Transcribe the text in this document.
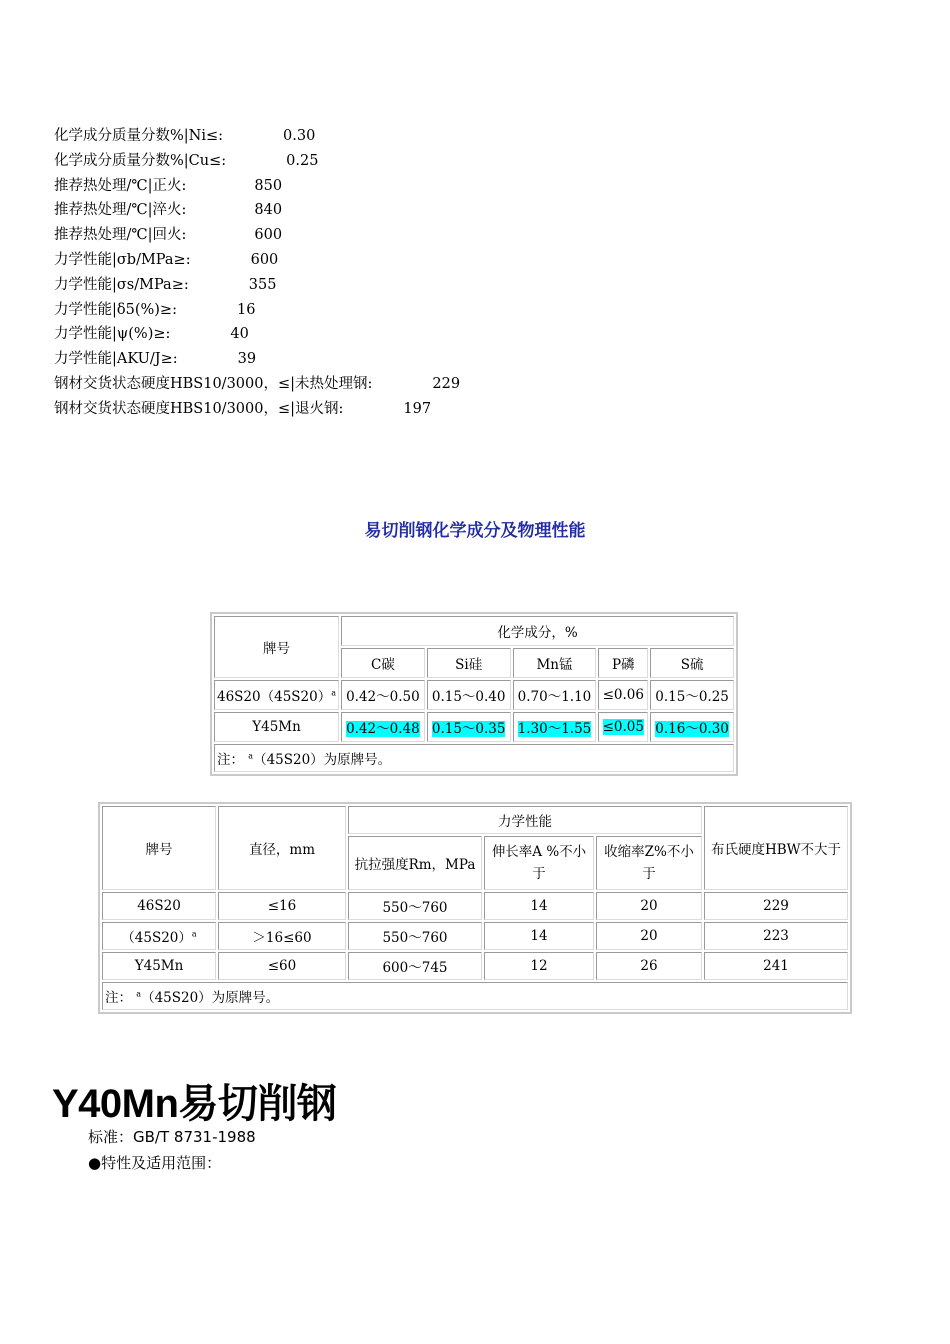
化学成分质量分数%|Ni≤:	0.30
化学成分质量分数%|Cu≤:	0.25
推荐热处理/℃|正火:	850
推荐热处理/℃|淬火:	840
推荐热处理/℃|回火:	600
力学性能|σb/MPa≥:	600
力学性能|σs/MPa≥:	355
力学性能|δ5(%)≥:	16
力学性能|ψ(%)≥:	40
力学性能|AKU/J≥:	39
钢材交货状态硬度HBS10/3000，≤|未热处理钢:	229
钢材交货状态硬度HBS10/3000，≤|退火钢:	197
易切削钢化学成分及物理性能
牌号	化学成分，%				
	C碳	Si硅	Mn锰	P磷	S硫
$46S20(45S20)^a$	0.42～0.50	0.15～0.40	0.70～1.10	≤0.06	0.15～0.25
Y45Mn	0.42～0.48	0.15～0.35	1.30～1.55	≤0.05	0.16～0.30
注： $^a$（45S20）为原牌号。					
牌号	直径，mm	力学性能			布氏硬度HBW不大于
		抗拉强度Rm，MPa	伸长率A %不小于	收缩率Z%不小于	
46S20	≤16	550～760	14	20	229
$(45S20)^a$	＞16≤60	550～760	14	20	223
Y45Mn	≤60	600～745	12	26	241
注： $^a$（45S20）为原牌号。					
Y40Mn易切削钢
标准：GB/T 8731-1988
●特性及适用范围：
